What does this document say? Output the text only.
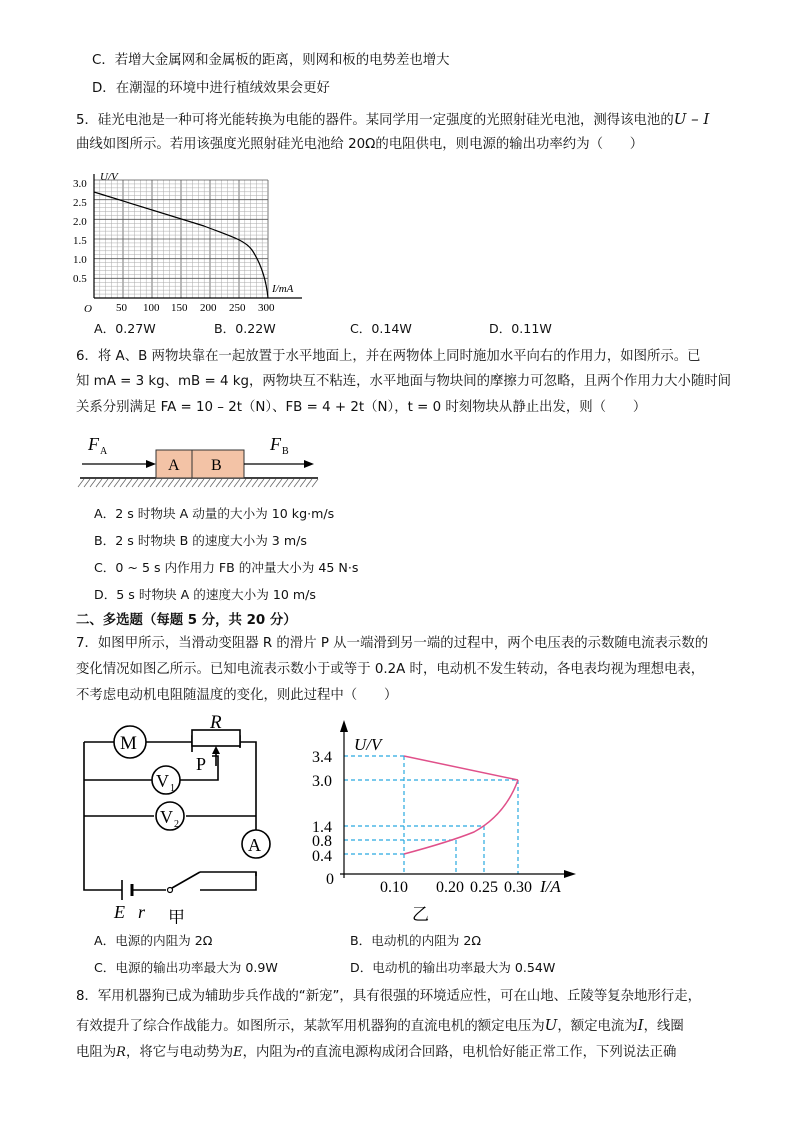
C．若增大金属网和金属板的距离，则网和板的电势差也增大
D．在潮湿的环境中进行植绒效果会更好
5．硅光电池是一种可将光能转换为电能的器件。某同学用一定强度的光照射硅光电池，测得该电池的U – I
曲线如图所示。若用该强度光照射硅光电池给 20Ω的电阻供电，则电源的输出功率约为（　　）
U/V
I/mA
O
3.0
2.5
2.0
1.5
1.0
0.5
50 100 150 200 250 300
A．0.27W	B．0.22W	C．0.14W	D．0.11W
6．将 A、B 两物块靠在一起放置于水平地面上，并在两物体上同时施加水平向右的作用力，如图所示。已
知 mA = 3 kg、mB = 4 kg，两物块互不粘连，水平地面与物块间的摩擦力可忽略，且两个作用力大小随时间
关系分别满足 FA = 10 – 2t（N）、FB = 4 + 2t（N），t = 0 时刻物块从静止出发，则（　　）
A B
F A	F B
A．2 s 时物块 A 动量的大小为 10 kg·m/s
B．2 s 时物块 B 的速度大小为 3 m/s
C．0 ~ 5 s 内作用力 FB 的冲量大小为 45 N·s
D．5 s 时物块 A 的速度大小为 10 m/s
二、多选题（每题 5 分，共 20 分）
7．如图甲所示，当滑动变阻器 R 的滑片 P 从一端滑到另一端的过程中，两个电压表的示数随电流表示数的
变化情况如图乙所示。已知电流表示数小于或等于 0.2A 时，电动机不发生转动，各电表均视为理想电表，
不考虑电动机电阻随温度的变化，则此过程中（　　）
M
R
P
V 1
V 2
A
E r 甲
U/V
I/A
0
3.4
3.0
1.4
0.8
0.4
0.10 0.20 0.25 0.30
乙
A．电源的内阻为 2Ω	B．电动机的内阻为 2Ω
C．电源的输出功率最大为 0.9W	D．电动机的输出功率最大为 0.54W
8．军用机器狗已成为辅助步兵作战的“新宠”，具有很强的环境适应性，可在山地、丘陵等复杂地形行走，
有效提升了综合作战能力。如图所示，某款军用机器狗的直流电机的额定电压为U，额定电流为I，线圈
电阻为R，将它与电动势为E，内阻为r的直流电源构成闭合回路，电机恰好能正常工作，下列说法正确
